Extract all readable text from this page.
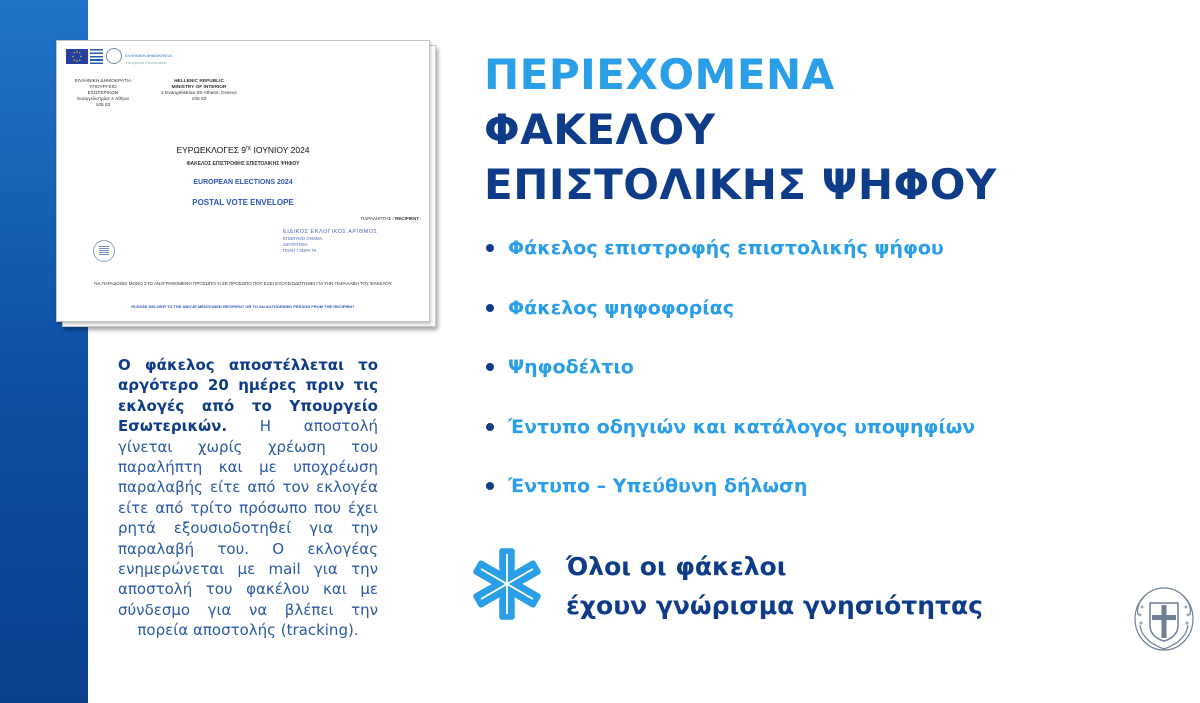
ΕΛΛΗΝΙΚΗ ΔΗΜΟΚΡΑΤΙΑ
Υπουργείο Εσωτερικών
ΕΛΛΗΝΙΚΗ ΔΗΜΟΚΡΑΤΙΑ
ΥΠΟΥΡΓΕΙΟ
ΕΣΩΤΕΡΙΚΩΝ
Ευαγγελιστρίας 2 Αθήνα
105 63
HELLENIC REPUBLIC
MINISTRY OF INTERIOR
2 Evangelistrias Str Athens, Greece
105 63
ΕΥΡΩΕΚΛΟΓΕΣ $9^{\eta\varsigma}$ ΙΟΥΝΙΟΥ 2024
ΦΑΚΕΛΟΣ ΕΠΙΣΤΡΟΦΗΣ ΕΠΙΣΤΟΛΙΚΗΣ ΨΗΦΟΥ
EUROPEAN ELECTIONS 2024
POSTAL VOTE ENVELOPE
ΠΑΡΑΛΗΠΤΗΣ / RECIPIENT
ΕΙΔΙΚΟΣ ΕΚΛΟΓΙΚΟΣ ΑΡΙΘΜΟΣ
ΕΠΩΝΥΜΟ ΟΝΟΜΑ
ΔΙΕΥΘΥΝΣΗ
ΠΟΛΗ / ΧΩΡΑ ΤΚ
ΝΑ ΠΑΡΑΔΟΘΕΙ ΜΟΝΟ ΣΤΟ ΑΝΑΓΡΑΦΟΜΕΝΟ ΠΡΟΣΩΠΟ Ή ΣΕ ΠΡΟΣΩΠΟ ΠΟΥ ΕΧΕΙ ΕΞΟΥΣΙΟΔΟΤΗΘΕΙ ΓΙΑ ΤΗΝ ΠΑΡΑΛΑΒΗ ΤΟΥ ΦΑΚΕΛΟΥ
PLEASE DELIVER TO THE ABOVE MENTIONED RECIPIENT OR TO AN AUTHORISED PERSON FROM THE RECIPIENT

Ο φάκελος αποστέλλεται το αργότερο 20 ημέρες πριν τις εκλογές από το Υπουργείο Εσωτερικών. Η αποστολή γίνεται χωρίς χρέωση του παραλήπτη και με υποχρέωση παραλαβής είτε από τον εκλογέα είτε από τρίτο πρόσωπο που έχει ρητά εξουσιοδοτηθεί για την παραλαβή του. Ο εκλογέας ενημερώνεται με mail για την αποστολή του φακέλου και με σύνδεσμο για να βλέπει την πορεία αποστολής (tracking).

ΠΕΡΙΕΧΟΜΕΝΑ
ΦΑΚΕΛΟΥ
ΕΠΙΣΤΟΛΙΚΗΣ ΨΗΦΟΥ
Φάκελος επιστροφής επιστολικής ψήφου
Φάκελος ψηφοφορίας
Ψηφοδέλτιο
Έντυπο οδηγιών και κατάλογος υποψηφίων
Έντυπο – Υπεύθυνη δήλωση
Όλοι οι φάκελοι
έχουν γνώρισμα γνησιότητας
